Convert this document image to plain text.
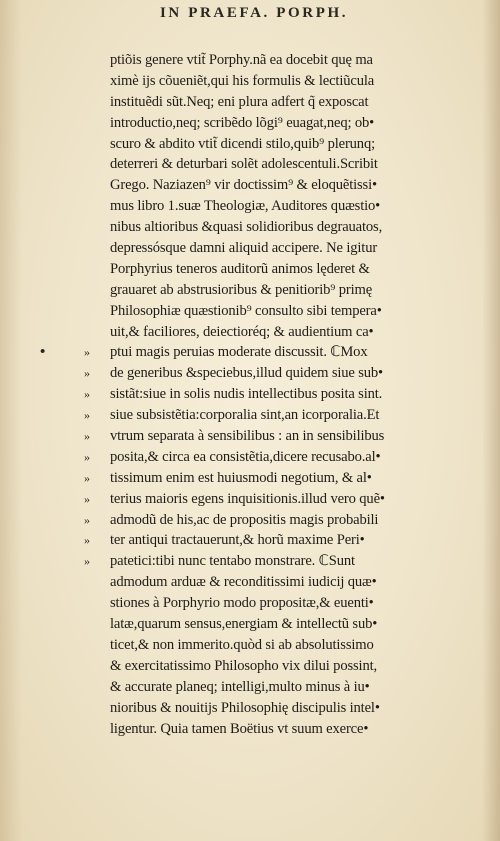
IN PRAEFA. PORPH.
ptiõis genere vtit̃ Porphy.nã ea docebit quę ma
ximè ijs cõueniẽt,qui his formulis & lectiũcula
instituẽdi sũt.Neq; eni plura adfert q̃ exposcat
introductio,neq; scribẽdo lõgi⁹ euagat,neq; ob•
scuro & abdito vtit̃ dicendi stilo,quib⁹ plerunq;
deterreri & deturbari solẽt adolescentuli.Scribit
Grego. Naziazen⁹ vir doctissim⁹ & eloquẽtissi•
mus libro 1.suæ Theologiæ, Auditores quæstio•
nibus altioribus &quasi solidioribus degrauatos,
depressósque damni aliquid accipere. Ne igitur
Porphyrius teneros auditorũ animos lęderet &
grauaret ab abstrusioribus & penitiorib⁹ primę
Philosophiæ quæstionib⁹ consulto sibi tempera•
uit,& faciliores, deiectioréq; & audientium ca•
•	» ptui magis peruias moderate discussit. ℂMox
» de generibus &speciebus,illud quidem siue sub•
» sistãt:siue in solis nudis intellectibus posita sint.
» siue subsistẽtia:corporalia sint,an icorporalia.Et
» vtrum separata à sensibilibus : an in sensibilibus
» posita,& circa ea consistẽtia,dicere recusabo.al•
» tissimum enim est huiusmodi negotium, & al•
» terius maioris egens inquisitionis.illud vero quẽ•
» admodũ de his,ac de propositis magis probabili
» ter antiqui tractauerunt,& horũ maxime Peri•
» patetici:tibi nunc tentabo monstrare. ℂSunt
admodum arduæ & reconditissimi iudicij quæ•
stiones à Porphyrio modo propositæ,& euenti•
latæ,quarum sensus,energiam & intellectũ sub•
ticet,& non immerito.quòd si ab absolutissimo
& exercitatissimo Philosopho vix dilui possint,
& accurate planeq; intelligi,multo minus à iu•
nioribus & nouitijs Philosophię discipulis intel•
ligentur. Quia tamen Boëtius vt suum exerce•
